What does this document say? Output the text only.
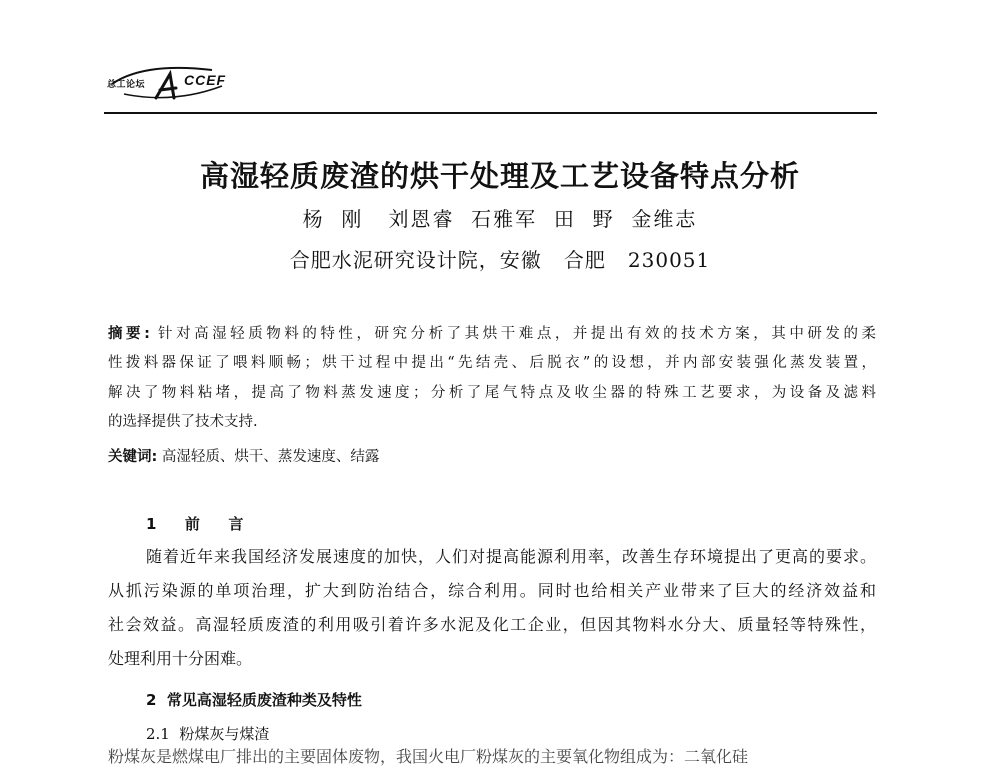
总工论坛	CCEF
高湿轻质废渣的烘干处理及工艺设备特点分析
杨  刚   刘恩睿  石雅军  田  野  金维志
合肥水泥研究设计院，安徽   合肥   230051
摘要: 针对高湿轻质物料的特性，研究分析了其烘干难点，并提出有效的技术方案，其中研发的柔
性拨料器保证了喂料顺畅；烘干过程中提出“先结壳、后脱衣”的设想，并内部安装强化蒸发装置，
解决了物料粘堵，提高了物料蒸发速度；分析了尾气特点及收尘器的特殊工艺要求，为设备及滤料
的选择提供了技术支持.
关键词: 高湿轻质、烘干、蒸发速度、结露
1  前  言
随着近年来我国经济发展速度的加快，人们对提高能源利用率，改善生存环境提出了更高的要求。
从抓污染源的单项治理，扩大到防治结合，综合利用。同时也给相关产业带来了巨大的经济效益和
社会效益。高湿轻质废渣的利用吸引着许多水泥及化工企业，但因其物料水分大、质量轻等特殊性，
处理利用十分困难。
2  常见高湿轻质废渣种类及特性
2.1  粉煤灰与煤渣
粉煤灰是燃煤电厂排出的主要固体废物，我国火电厂粉煤灰的主要氧化物组成为：二氧化硅
